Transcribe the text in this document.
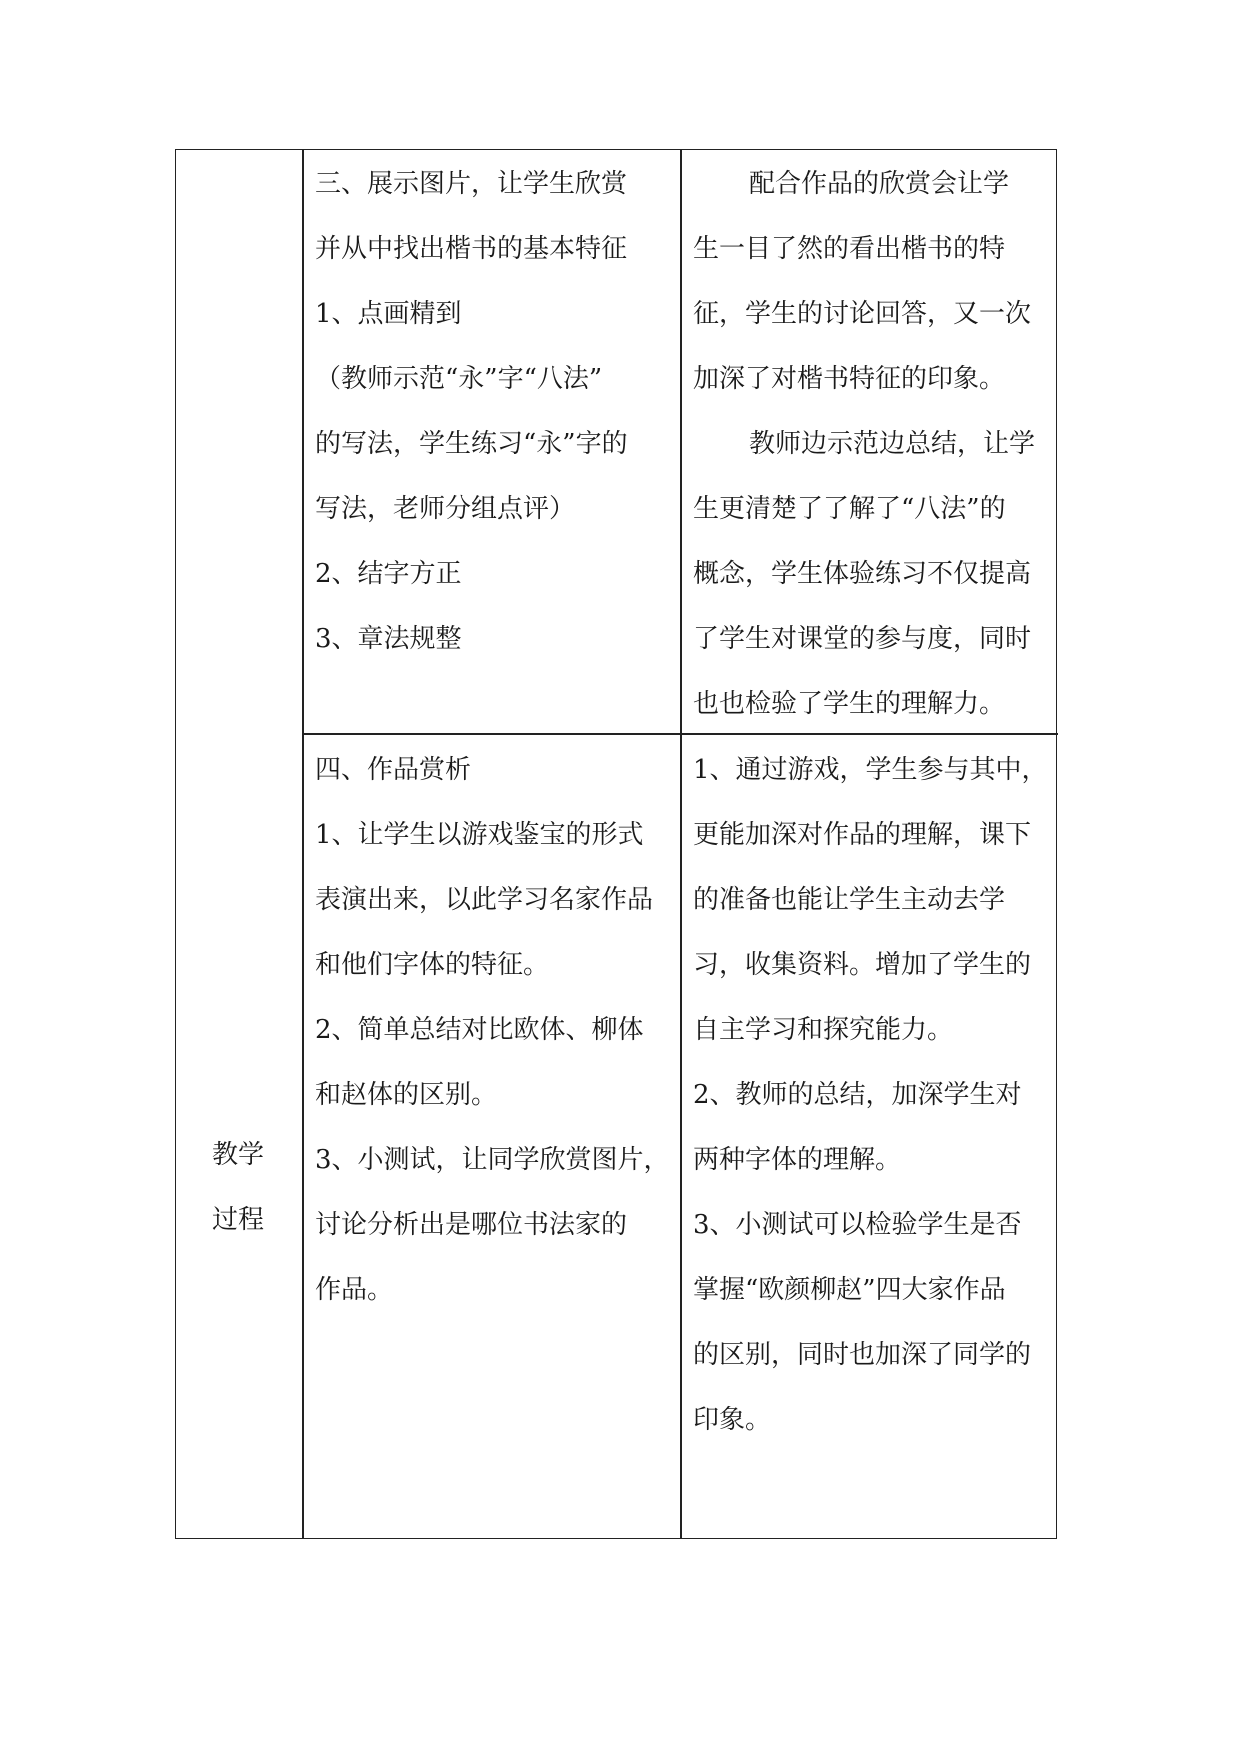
教学
过程
三、展示图片，让学生欣赏
并从中找出楷书的基本特征
1、点画精到
（教师示范“永”字“八法”
的写法，学生练习“永”字的
写法，老师分组点评）
2、结字方正
3、章法规整
配合作品的欣赏会让学
生一目了然的看出楷书的特
征，学生的讨论回答，又一次
加深了对楷书特征的印象。
教师边示范边总结，让学
生更清楚了了解了“八法”的
概念，学生体验练习不仅提高
了学生对课堂的参与度，同时
也也检验了学生的理解力。
四、作品赏析
1、让学生以游戏鉴宝的形式
表演出来，以此学习名家作品
和他们字体的特征。
2、简单总结对比欧体、柳体
和赵体的区别。
3、小测试，让同学欣赏图片，
讨论分析出是哪位书法家的
作品。
1、通过游戏，学生参与其中，
更能加深对作品的理解，课下
的准备也能让学生主动去学
习，收集资料。增加了学生的
自主学习和探究能力。
2、教师的总结，加深学生对
两种字体的理解。
3、小测试可以检验学生是否
掌握“欧颜柳赵”四大家作品
的区别，同时也加深了同学的
印象。
